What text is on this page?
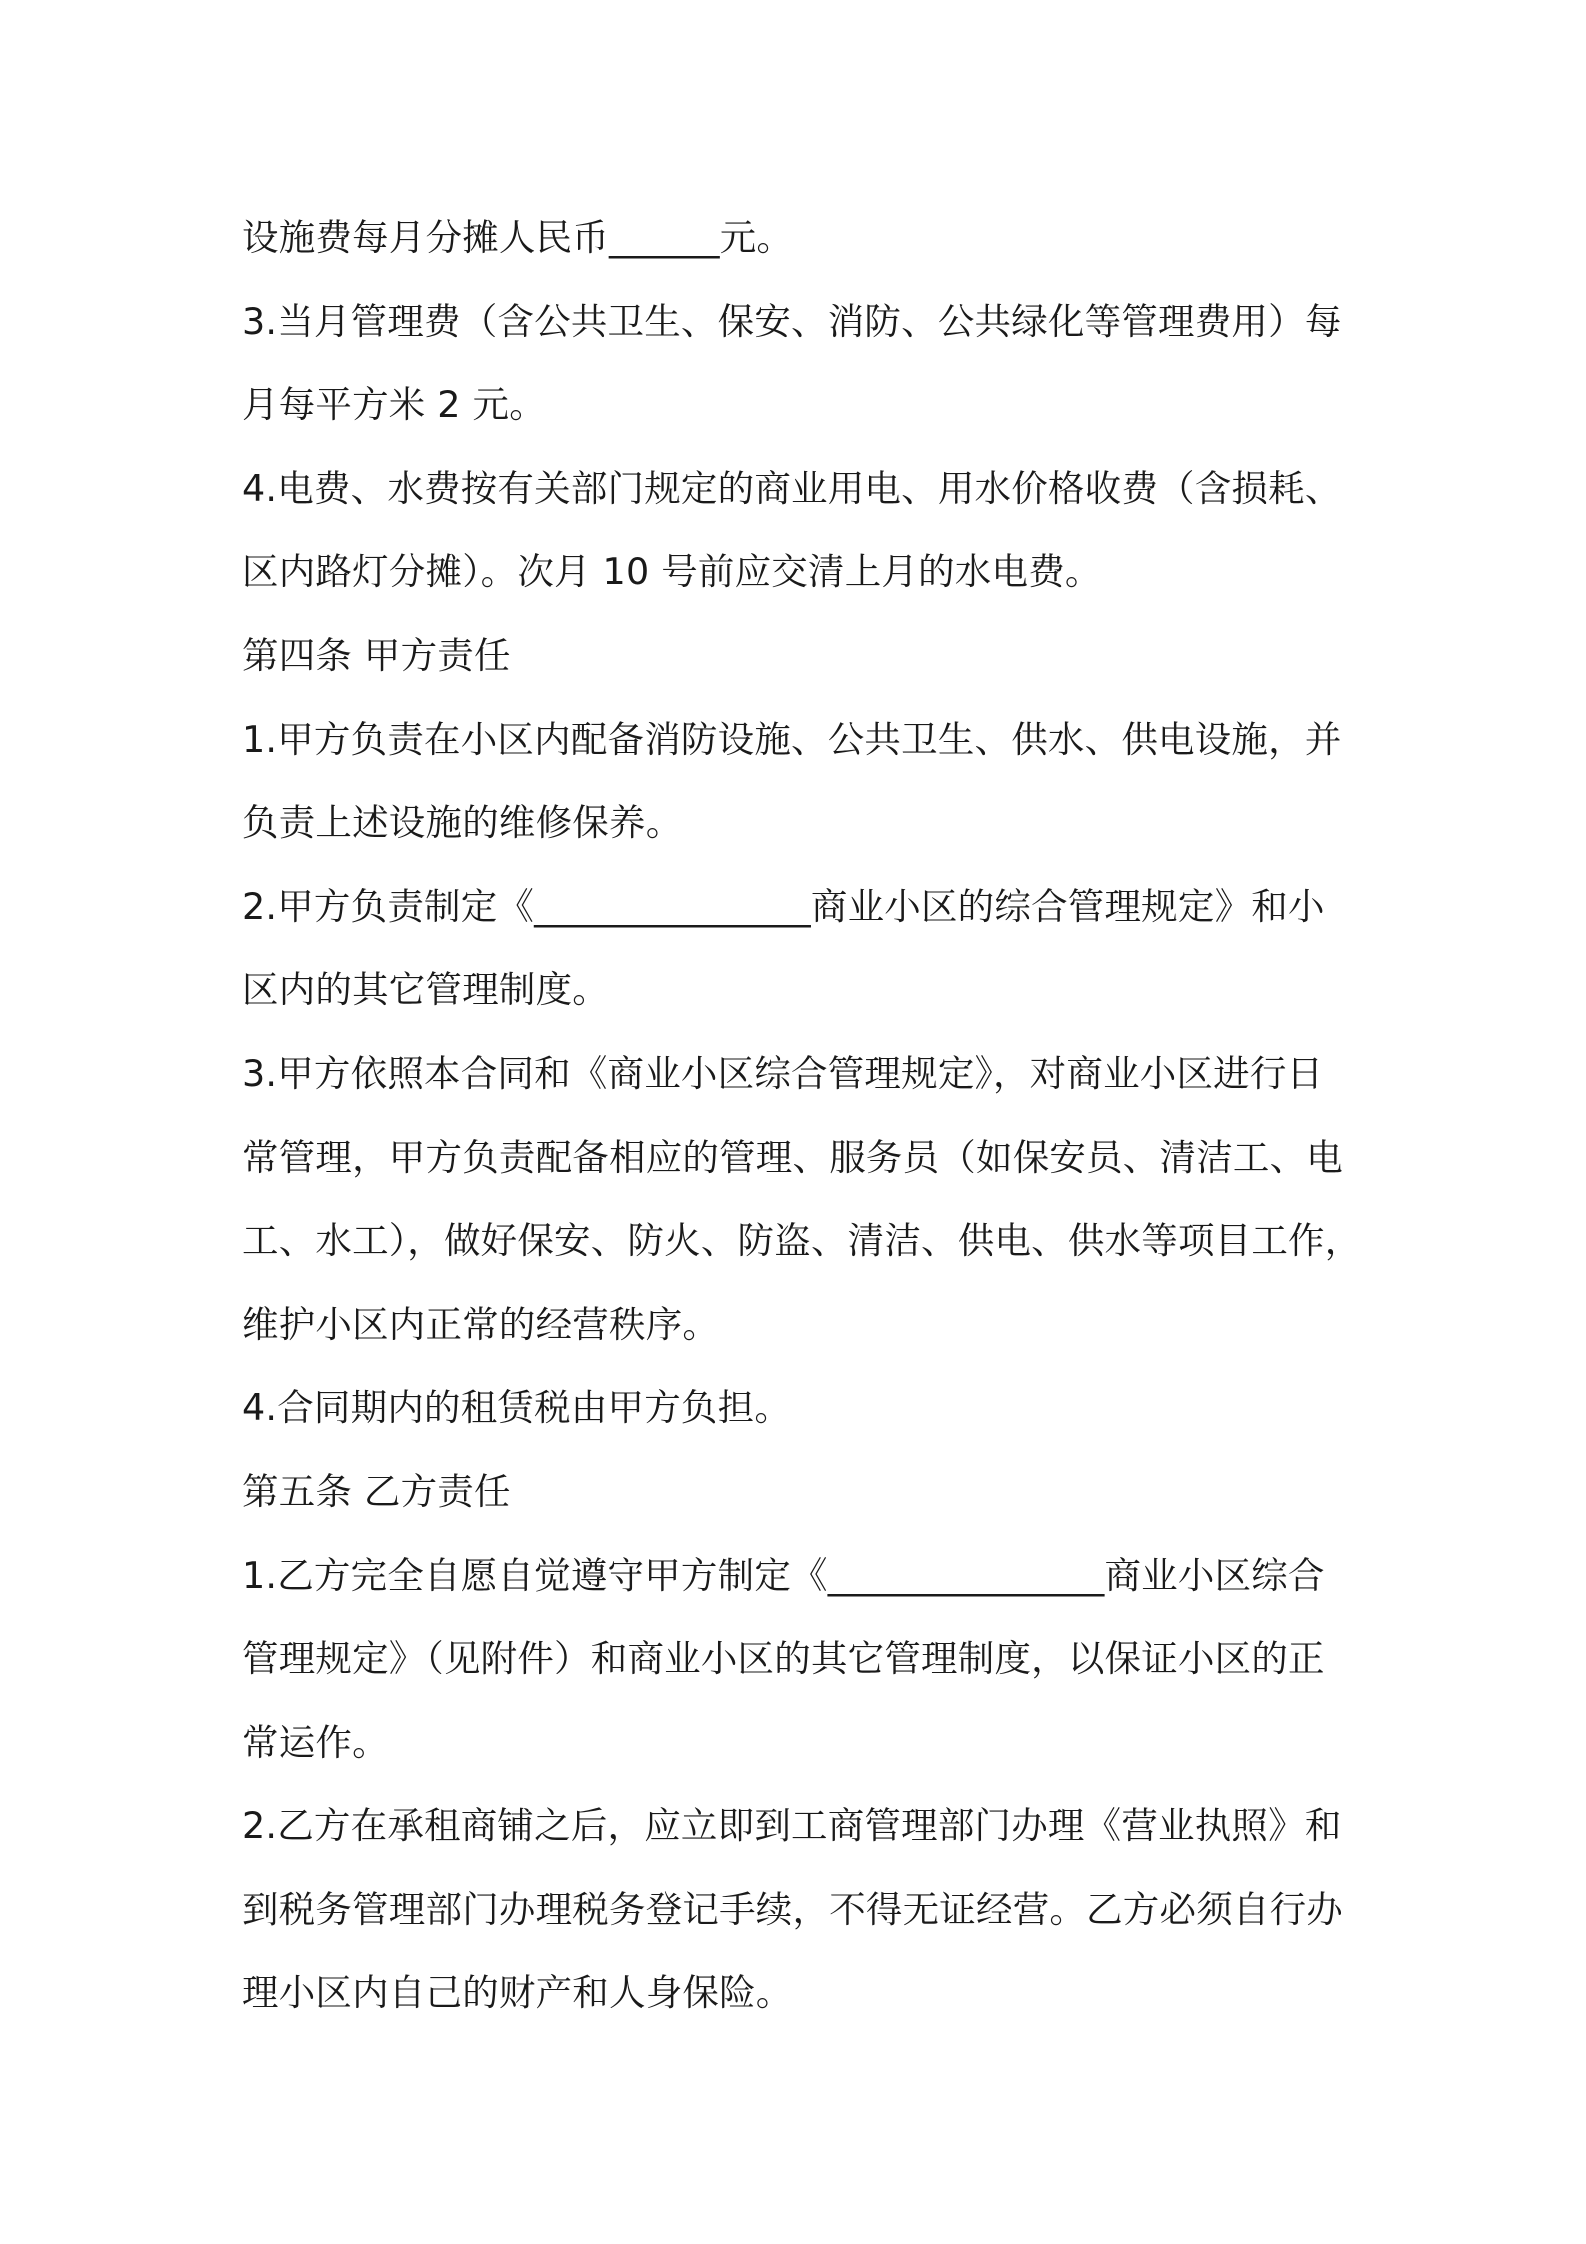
设施费每月分摊人民币______元。
3.当月管理费（含公共卫生、保安、消防、公共绿化等管理费用）每
月每平方米 2 元。
4.电费、水费按有关部门规定的商业用电、用水价格收费（含损耗、
区内路灯分摊）。次月 10 号前应交清上月的水电费。
第四条 甲方责任
1.甲方负责在小区内配备消防设施、公共卫生、供水、供电设施，并
负责上述设施的维修保养。
2.甲方负责制定《_______________商业小区的综合管理规定》和小
区内的其它管理制度。
3.甲方依照本合同和《商业小区综合管理规定》，对商业小区进行日
常管理，甲方负责配备相应的管理、服务员（如保安员、清洁工、电
工、水工），做好保安、防火、防盗、清洁、供电、供水等项目工作，
维护小区内正常的经营秩序。
4.合同期内的租赁税由甲方负担。
第五条 乙方责任
1.乙方完全自愿自觉遵守甲方制定《_______________商业小区综合
管理规定》（见附件）和商业小区的其它管理制度，以保证小区的正
常运作。
2.乙方在承租商铺之后，应立即到工商管理部门办理《营业执照》和
到税务管理部门办理税务登记手续，不得无证经营。乙方必须自行办
理小区内自己的财产和人身保险。
